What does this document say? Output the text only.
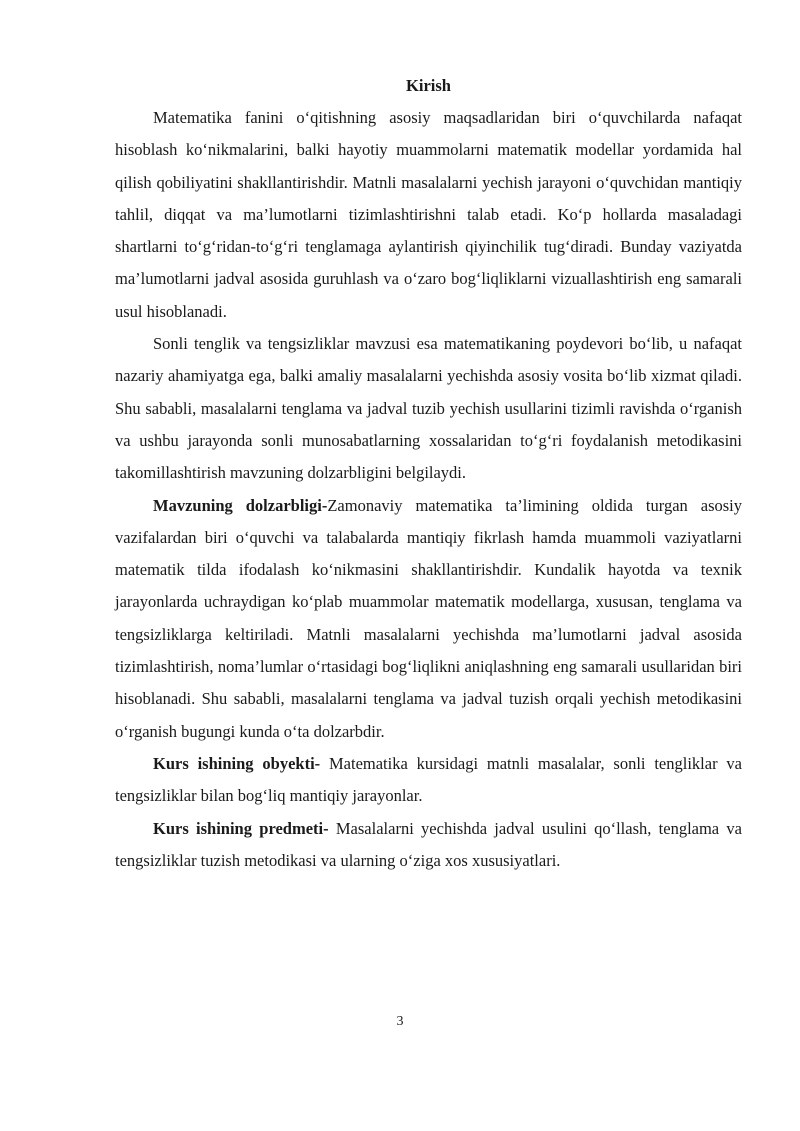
Kirish

Matematika fanini o‘qitishning asosiy maqsadlaridan biri o‘quvchilarda nafaqat hisoblash ko‘nikmalarini, balki hayotiy muammolarni matematik modellar yordamida hal qilish qobiliyatini shakllantirishdir. Matnli masalalarni yechish jarayoni o‘quvchidan mantiqiy tahlil, diqqat va ma’lumotlarni tizimlashtirishni talab etadi. Ko‘p hollarda masaladagi shartlarni to‘g‘ridan-to‘g‘ri tenglamaga aylantirish qiyinchilik tug‘diradi. Bunday vaziyatda ma’lumotlarni jadval asosida guruhlash va o‘zaro bog‘liqliklarni vizuallashtirish eng samarali usul hisoblanadi.

Sonli tenglik va tengsizliklar mavzusi esa matematikaning poydevori bo‘lib, u nafaqat nazariy ahamiyatga ega, balki amaliy masalalarni yechishda asosiy vosita bo‘lib xizmat qiladi. Shu sababli, masalalarni tenglama va jadval tuzib yechish usullarini tizimli ravishda o‘rganish va ushbu jarayonda sonli munosabatlarning xossalaridan to‘g‘ri foydalanish metodikasini takomillashtirish mavzuning dolzarbligini belgilaydi.

Mavzuning dolzarbligi-Zamonaviy matematika ta’limining oldida turgan asosiy vazifalardan biri o‘quvchi va talabalarda mantiqiy fikrlash hamda muammoli vaziyatlarni matematik tilda ifodalash ko‘nikmasini shakllantirishdir. Kundalik hayotda va texnik jarayonlarda uchraydigan ko‘plab muammolar matematik modellarga, xususan, tenglama va tengsizliklarga keltiriladi. Matnli masalalarni yechishda ma’lumotlarni jadval asosida tizimlashtirish, noma’lumlar o‘rtasidagi bog‘liqlikni aniqlashning eng samarali usullaridan biri hisoblanadi. Shu sababli, masalalarni tenglama va jadval tuzish orqali yechish metodikasini o‘rganish bugungi kunda o‘ta dolzarbdir.

Kurs ishining obyekti- Matematika kursidagi matnli masalalar, sonli tengliklar va tengsizliklar bilan bog‘liq mantiqiy jarayonlar.

Kurs ishining predmeti- Masalalarni yechishda jadval usulini qo‘llash, tenglama va tengsizliklar tuzish metodikasi va ularning o‘ziga xos xususiyatlari.

3
